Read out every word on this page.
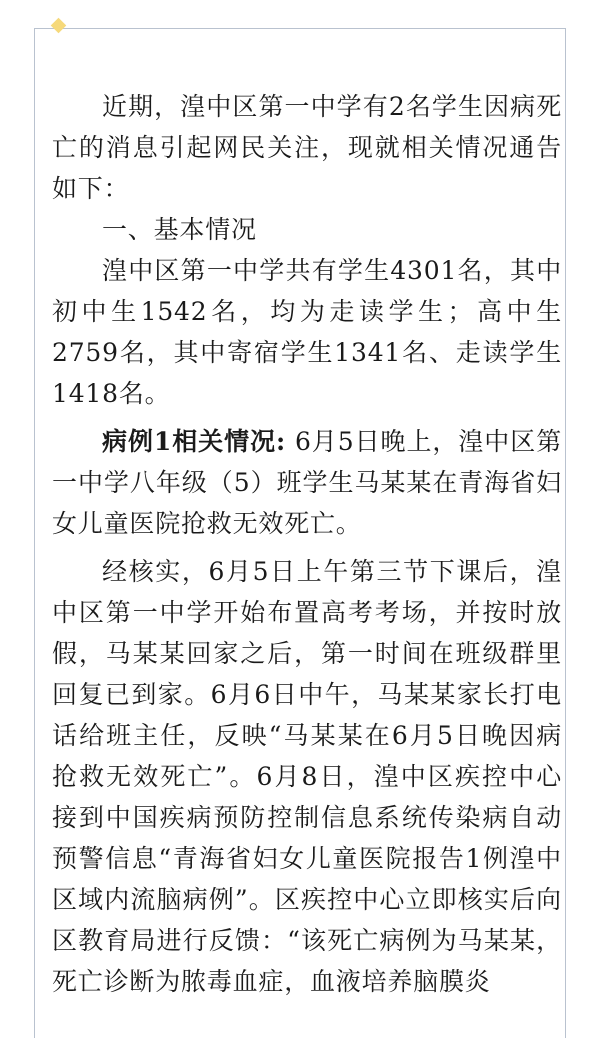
近期，湟中区第一中学有2名学生因病死亡的消息引起网民关注，现就相关情况通告如下：

一、基本情况

湟中区第一中学共有学生4301名，其中初中生1542名，均为走读学生；高中生2759名，其中寄宿学生1341名、走读学生1418名。

病例1相关情况: 6月5日晚上，湟中区第一中学八年级（5）班学生马某某在青海省妇女儿童医院抢救无效死亡。

经核实，6月5日上午第三节下课后，湟中区第一中学开始布置高考考场，并按时放假，马某某回家之后，第一时间在班级群里回复已到家。6月6日中午，马某某家长打电话给班主任，反映“马某某在6月5日晚因病抢救无效死亡”。6月8日，湟中区疾控中心接到中国疾病预防控制信息系统传染病自动预警信息“青海省妇女儿童医院报告1例湟中区域内流脑病例”。区疾控中心立即核实后向区教育局进行反馈：“该死亡病例为马某某，死亡诊断为脓毒血症，血液培养脑膜炎
